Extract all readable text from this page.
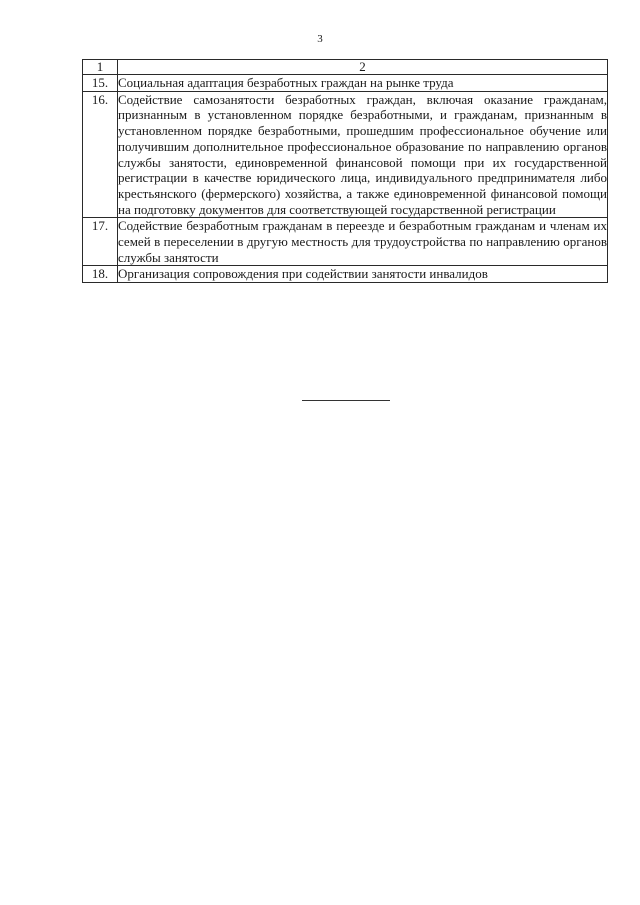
3
1	2
15.	Социальная адаптация безработных граждан на рынке труда
16.	Содействие самозанятости безработных граждан, включая оказание гражданам, признанным в установленном порядке безработными, и гражданам, признанным в установленном порядке безработными, прошедшим профессиональное обучение или получившим дополнительное профессиональное образование по направлению органов службы занятости, единовременной финансовой помощи при их государственной регистрации в качестве юридического лица, индивидуального предпринимателя либо крестьянского (фермерского) хозяйства, а также единовременной финансовой помощи на подготовку документов для соответствующей государственной регистрации
17.	Содействие безработным гражданам в переезде и безработным гражданам и членам их семей в переселении в другую местность для трудоустройства по направлению органов службы занятости
18.	Организация сопровождения при содействии занятости инвалидов
